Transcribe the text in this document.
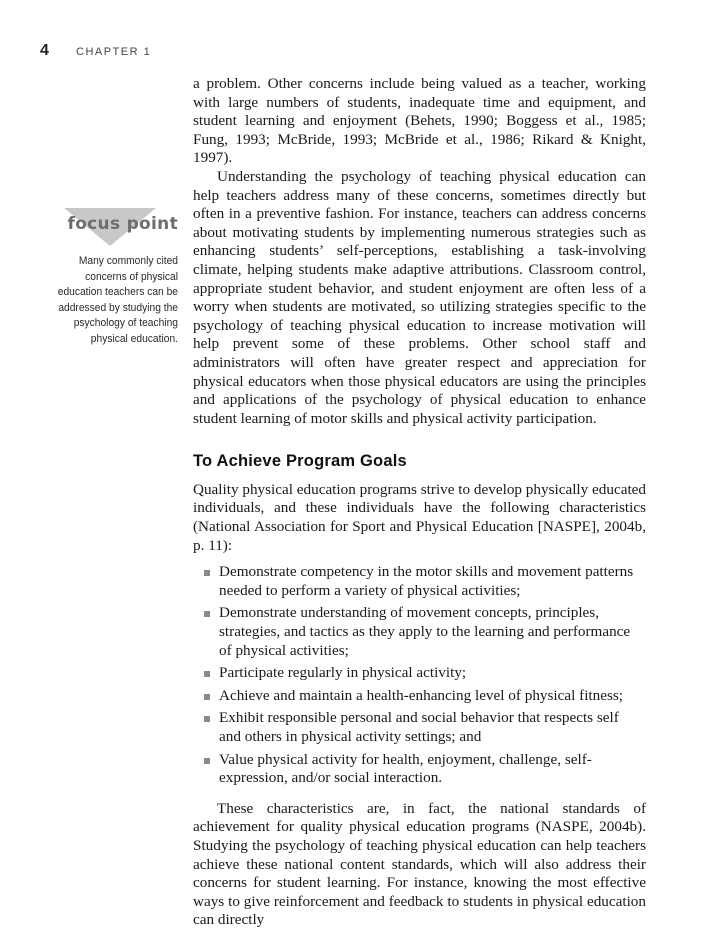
4	CHAPTER 1
focus point
Many commonly cited concerns of physical education teachers can be addressed by studying the psychology of teaching physical education.

a problem. Other concerns include being valued as a teacher, working with large numbers of students, inadequate time and equipment, and student learning and enjoyment (Behets, 1990; Boggess et al., 1985; Fung, 1993; McBride, 1993; McBride et al., 1986; Rikard & Knight, 1997).

Understanding the psychology of teaching physical education can help teachers address many of these concerns, sometimes directly but often in a preventive fashion. For instance, teachers can address concerns about motivating students by implementing numerous strategies such as enhancing students’ self-perceptions, establishing a task-involving climate, helping students make adaptive attributions. Classroom control, appropriate student behavior, and student enjoyment are often less of a worry when students are motivated, so utilizing strategies specific to the psychology of teaching physical education to increase motivation will help prevent some of these problems. Other school staff and administrators will often have greater respect and appreciation for physical educators when those physical educators are using the principles and applications of the psychology of physical education to enhance student learning of motor skills and physical activity participation.

To Achieve Program Goals

Quality physical education programs strive to develop physically educated individuals, and these individuals have the following characteristics (National Association for Sport and Physical Education [NASPE], 2004b, p. 11):

Demonstrate competency in the motor skills and movement patterns needed to perform a variety of physical activities;
Demonstrate understanding of movement concepts, principles, strategies, and tactics as they apply to the learning and performance of physical activities;
Participate regularly in physical activity;
Achieve and maintain a health-enhancing level of physical fitness;
Exhibit responsible personal and social behavior that respects self and others in physical activity settings; and
Value physical activity for health, enjoyment, challenge, self-expression, and/or social interaction.

These characteristics are, in fact, the national standards of achievement for quality physical education programs (NASPE, 2004b). Studying the psychology of teaching physical education can help teachers achieve these national content standards, which will also address their concerns for student learning. For instance, knowing the most effective ways to give reinforcement and feedback to students in physical education can directly
